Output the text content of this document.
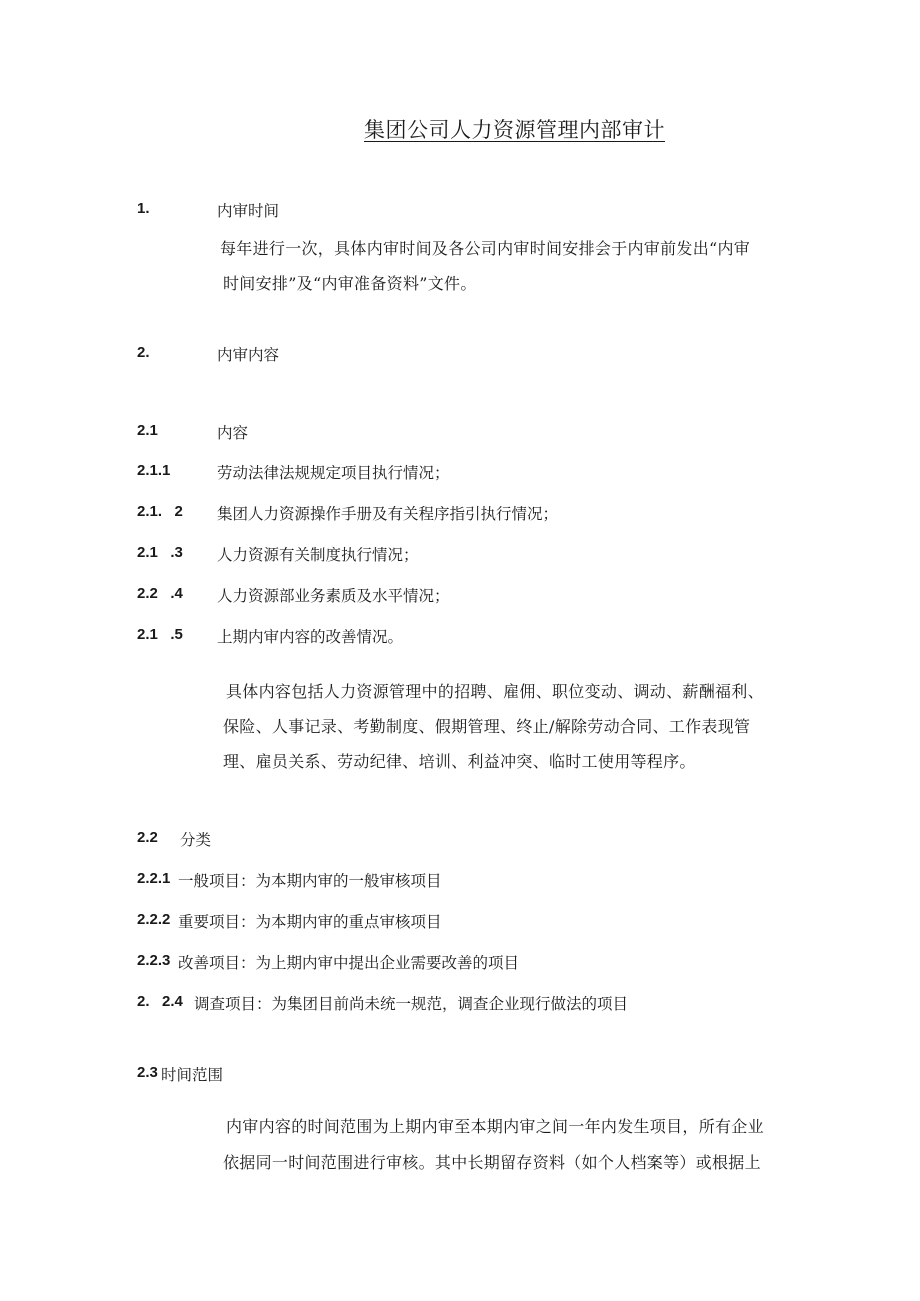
集团公司人力资源管理内部审计
1.	内审时间
每年进行一次，具体内审时间及各公司内审时间安排会于内审前发出“内审
时间安排”及“内审准备资料”文件。
2.	内审内容
2.1	内容
2.1.1	劳动法律法规规定项目执行情况；
2.1.   2 集团人力资源操作手册及有关程序指引执行情况；
2.1   .3 人力资源有关制度执行情况；
2.2   .4 人力资源部业务素质及水平情况；
2.1   .5 上期内审内容的改善情况。
具体内容包括人力资源管理中的招聘、雇佣、职位变动、调动、薪酬福利、
保险、人事记录、考勤制度、假期管理、终止/解除劳动合同、工作表现管
理、雇员关系、劳动纪律、培训、利益冲突、临时工使用等程序。
2.2 分类
2.2.1 一般项目：为本期内审的一般审核项目
2.2.2 重要项目：为本期内审的重点审核项目
2.2.3 改善项目：为上期内审中提出企业需要改善的项目
2.   2.4 调查项目：为集团目前尚未统一规范，调查企业现行做法的项目
2.3 时间范围
内审内容的时间范围为上期内审至本期内审之间一年内发生项目，所有企业
依据同一时间范围进行审核。其中长期留存资料（如个人档案等）或根据上
